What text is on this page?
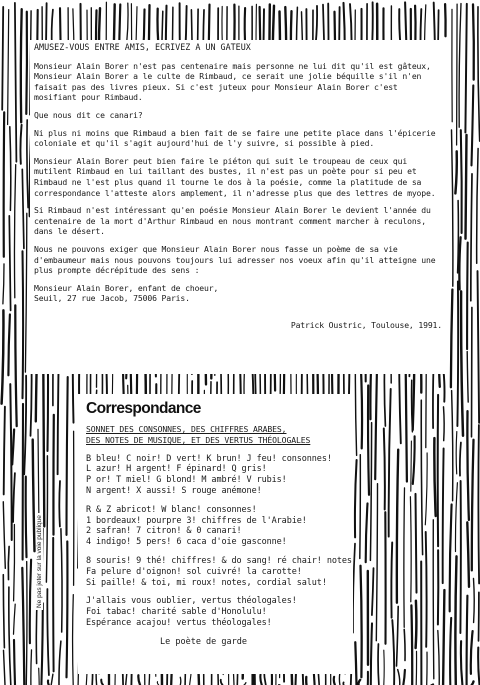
AMUSEZ-VOUS ENTRE AMIS, ECRIVEZ A UN GATEUX

Monsieur Alain Borer n'est pas centenaire mais personne ne lui dit qu'il est gâteux, Monsieur Alain Borer a le culte de Rimbaud, ce serait une jolie béquille s'il n'en faisait pas des livres pieux. Si c'est juteux pour Monsieur Alain Borer c'est mosifiant pour Rimbaud.

Que nous dit ce canari?

Ni plus ni moins que Rimbaud a bien fait de se faire une petite place dans l'épicerie coloniale et qu'il s'agit aujourd'hui de l'y suivre, si possible à pied.

Monsieur Alain Borer peut bien faire le piéton qui suit le troupeau de ceux qui mutilent Rimbaud en lui taillant des bustes, il n'est pas un poète pour si peu et Rimbaud ne l'est plus quand il tourne le dos à la poésie, comme la platitude de sa correspondance l'atteste alors amplement, il n'adresse plus que des lettres de myope.

Si Rimbaud n'est intéressant qu'en poésie Monsieur Alain Borer le devient l'année du centenaire de la mort d'Arthur Rimbaud en nous montrant comment marcher à reculons, dans le désert.

Nous ne pouvons exiger que Monsieur Alain Borer nous fasse un poème de sa vie d'embaumeur mais nous pouvons toujours lui adresser nos voeux afin qu'il atteigne une plus prompte décrépitude des sens :

Monsieur Alain Borer, enfant de choeur,

Seuil, 27 rue Jacob, 75006 Paris.

Patrick Oustric, Toulouse, 1991.

Correspondance
SONNET DES CONSONNES, DES CHIFFRES ARABES,
DES NOTES DE MUSIQUE, ET DES VERTUS THÉOLOGALES
B bleu! C noir! D vert! K brun! J feu! consonnes!
L azur! H argent! F épinard! Q gris!
P or! T miel! G blond! M ambré! V rubis!
N argent! X aussi! S rouge anémone!
R & Z abricot! W blanc! consonnes!
1 bordeaux! pourpre 3! chiffres de l'Arabie!
2 safran! 7 citron! & 0 canari!
4 indigo! 5 pers! 6 caca d'oie gasconne!
8 souris! 9 thé! chiffres! & do sang! ré chair! notes!
Fa pelure d'oignon! sol cuivré! la carotte!
Si paille! & toi, mi roux! notes, cordial salut!
J'allais vous oublier, vertus théologales!
Foi tabac! charité sable d'Honolulu!
Espérance acajou! vertus théologales!
Le poète de garde
Ne pas jeter sur la voie publique
